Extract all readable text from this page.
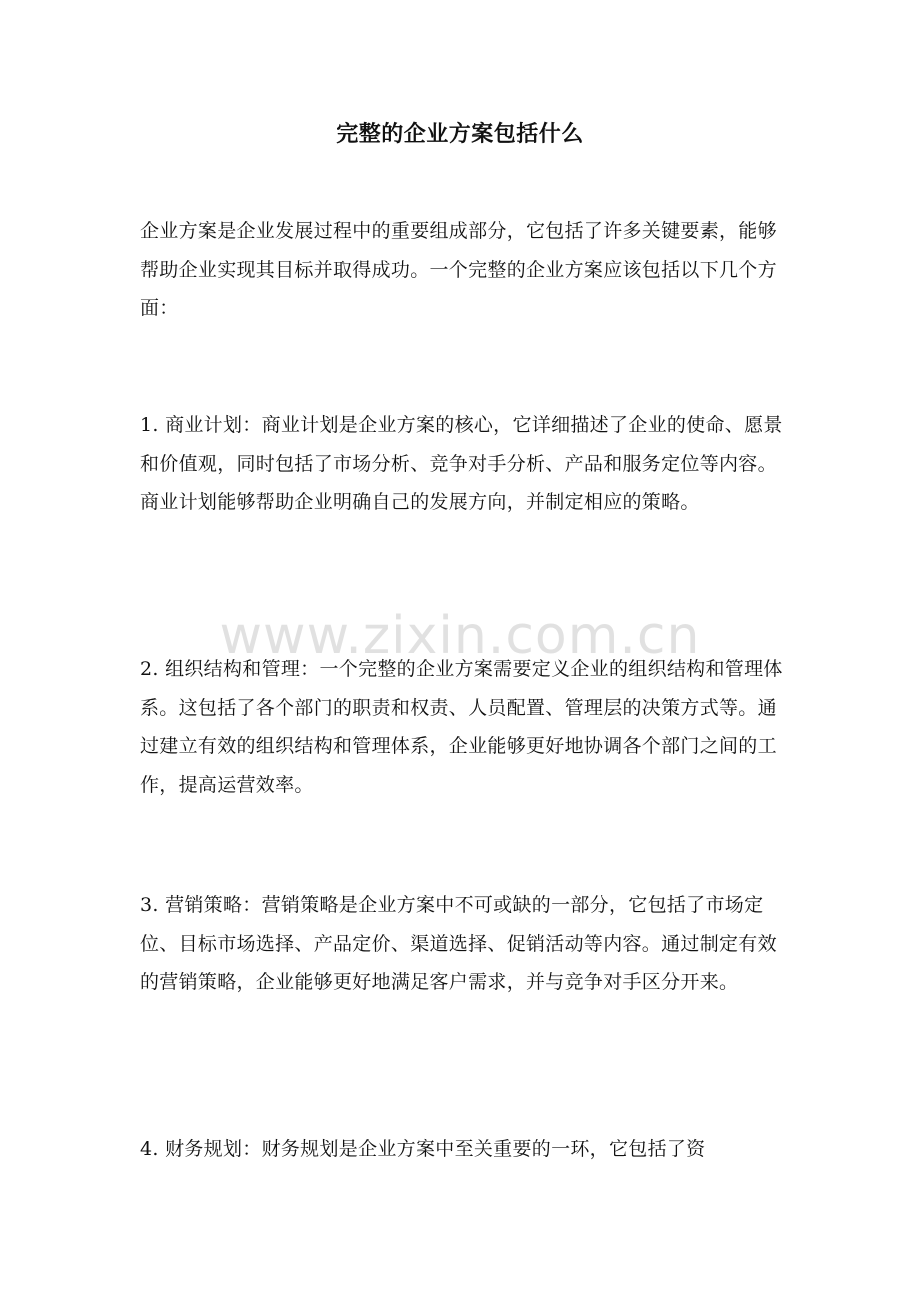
完整的企业方案包括什么
企业方案是企业发展过程中的重要组成部分，它包括了许多关键要素，能够帮助企业实现其目标并取得成功。一个完整的企业方案应该包括以下几个方面：
1. 商业计划：商业计划是企业方案的核心，它详细描述了企业的使命、愿景和价值观，同时包括了市场分析、竞争对手分析、产品和服务定位等内容。商业计划能够帮助企业明确自己的发展方向，并制定相应的策略。
www.zixin.com.cn
2. 组织结构和管理：一个完整的企业方案需要定义企业的组织结构和管理体系。这包括了各个部门的职责和权责、人员配置、管理层的决策方式等。通过建立有效的组织结构和管理体系，企业能够更好地协调各个部门之间的工作，提高运营效率。
3. 营销策略：营销策略是企业方案中不可或缺的一部分，它包括了市场定位、目标市场选择、产品定价、渠道选择、促销活动等内容。通过制定有效的营销策略，企业能够更好地满足客户需求，并与竞争对手区分开来。
4. 财务规划：财务规划是企业方案中至关重要的一环，它包括了资
